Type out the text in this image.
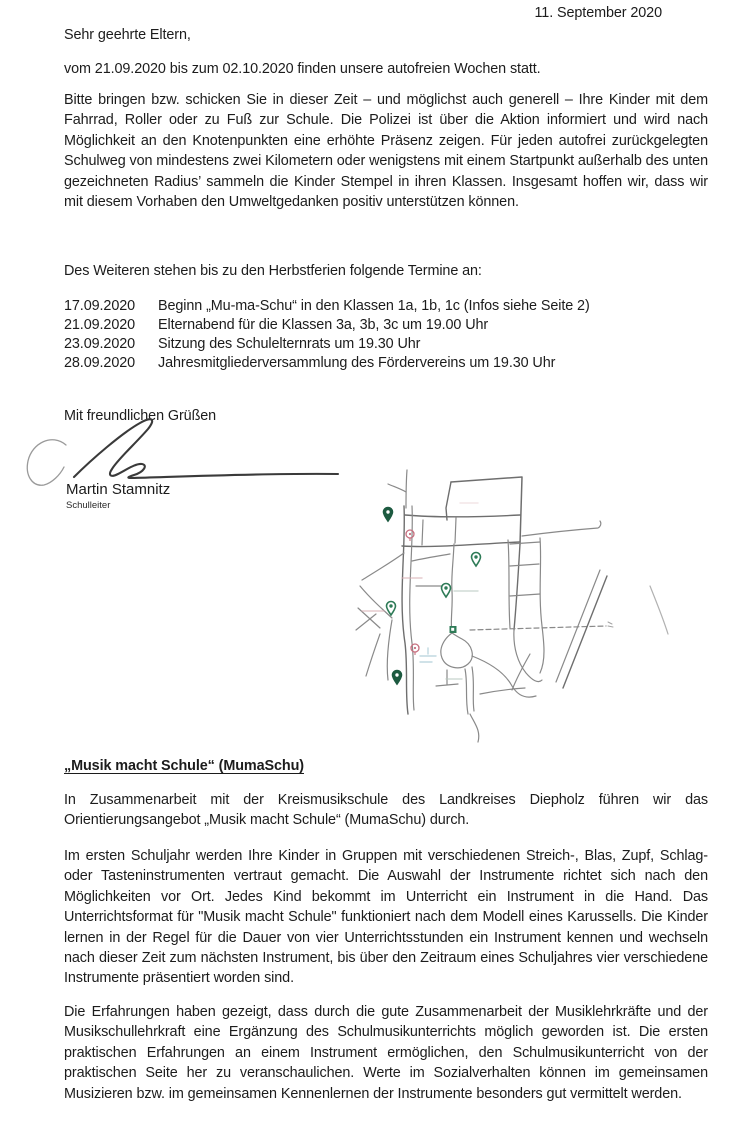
11. September 2020
Sehr geehrte Eltern,
vom 21.09.2020 bis zum 02.10.2020 finden unsere autofreien Wochen statt.
Bitte bringen bzw. schicken Sie in dieser Zeit – und möglichst auch generell – Ihre Kinder mit dem Fahrrad, Roller oder zu Fuß zur Schule. Die Polizei ist über die Aktion informiert und wird nach Möglichkeit an den Knotenpunkten eine erhöhte Präsenz zeigen. Für jeden autofrei zurückgelegten Schulweg von mindestens zwei Kilometern oder wenigstens mit einem Startpunkt außerhalb des unten gezeichneten Radius’ sammeln die Kinder Stempel in ihren Klassen. Insgesamt hoffen wir, dass wir mit diesem Vorhaben den Umweltgedanken positiv unterstützen können.
Des Weiteren stehen bis zu den Herbstferien folgende Termine an:
17.09.2020	Beginn „Mu-ma-Schu“ in den Klassen 1a, 1b, 1c (Infos siehe Seite 2)
21.09.2020	Elternabend für die Klassen 3a, 3b, 3c um 19.00 Uhr
23.09.2020	Sitzung des Schulelternrats um 19.30 Uhr
28.09.2020	Jahresmitgliederversammlung des Fördervereins um 19.30 Uhr
Mit freundlichen Grüßen
Martin Stamnitz
Schulleiter
„Musik macht Schule“ (MumaSchu)
In Zusammenarbeit mit der Kreismusikschule des Landkreises Diepholz führen wir das Orientierungsangebot „Musik macht Schule“ (MumaSchu) durch.
Im ersten Schuljahr werden Ihre Kinder in Gruppen mit verschiedenen Streich-, Blas, Zupf, Schlag- oder Tasteninstrumenten vertraut gemacht. Die Auswahl der Instrumente richtet sich nach den Möglichkeiten vor Ort. Jedes Kind bekommt im Unterricht ein Instrument in die Hand. Das Unterrichtsformat für "Musik macht Schule" funktioniert nach dem Modell eines Karussells. Die Kinder lernen in der Regel für die Dauer von vier Unterrichtsstunden ein Instrument kennen und wechseln nach dieser Zeit zum nächsten Instrument, bis über den Zeitraum eines Schuljahres vier verschiedene Instrumente präsentiert worden sind.
Die Erfahrungen haben gezeigt, dass durch die gute Zusammenarbeit der Musiklehrkräfte und der Musikschullehrkraft eine Ergänzung des Schulmusikunterrichts möglich geworden ist. Die ersten praktischen Erfahrungen an einem Instrument ermöglichen, den Schulmusikunterricht von der praktischen Seite her zu veranschaulichen. Werte im Sozialverhalten können im gemeinsamen Musizieren bzw. im gemeinsamen Kennenlernen der Instrumente besonders gut vermittelt werden.
